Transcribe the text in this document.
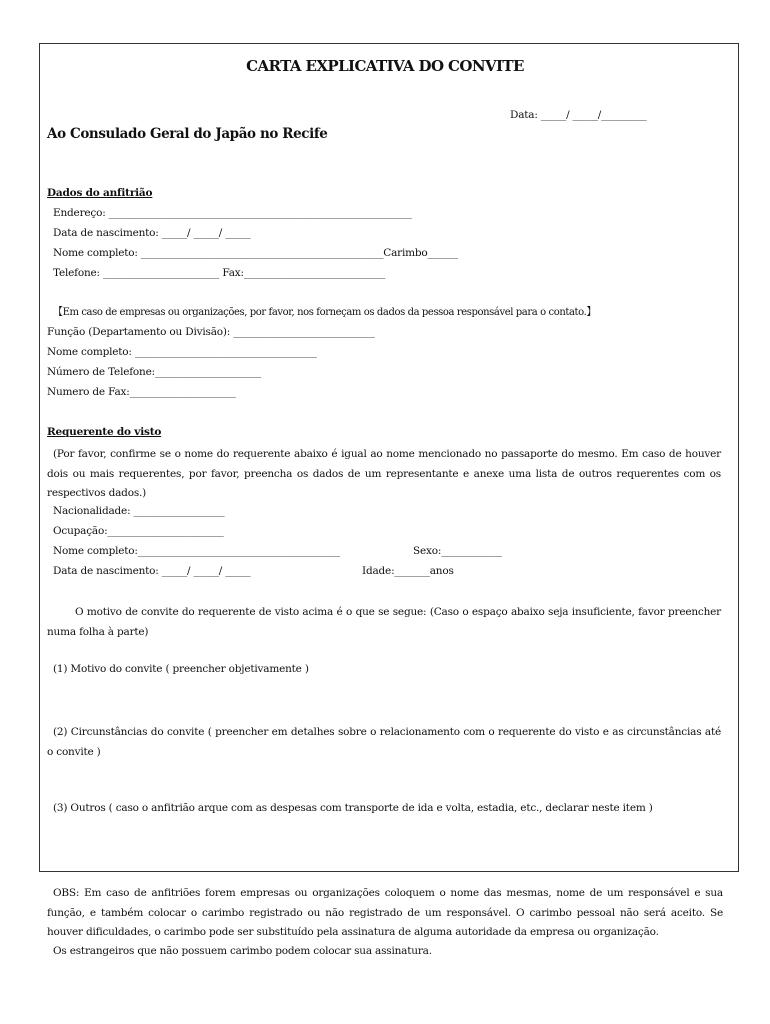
CARTA EXPLICATIVA DO CONVITE
Data: _____/ _____/_________
Ao Consulado Geral do Japão no Recife
Dados do anfitrião
Endereço: ____________________________________________________________
Data de nascimento: _____/ _____/ _____
Nome completo: ________________________________________________Carimbo______
Telefone: _______________________ Fax:____________________________
【Em caso de empresas ou organizações, por favor, nos forneçam os dados da pessoa responsável para o contato.】
Função (Departamento ou Divisão): ____________________________
Nome completo: ____________________________________
Número de Telefone:_____________________
Numero de Fax:_____________________
Requerente do visto
(Por favor, confirme se o nome do requerente abaixo é igual ao nome mencionado no passaporte do mesmo. Em caso de houver dois ou mais requerentes, por favor, preencha os dados de um representante e anexe uma lista de outros requerentes com os respectivos dados.)
Nacionalidade: __________________
Ocupação:_______________________
Nome completo:________________________________________	Sexo:____________
Data de nascimento: _____/ _____/ _____	Idade:_______anos
O motivo de convite do requerente de visto acima é o que se segue: (Caso o espaço abaixo seja insuficiente, favor preencher numa folha à parte)
(1) Motivo do convite ( preencher objetivamente )
(2) Circunstâncias do convite ( preencher em detalhes sobre o relacionamento com o requerente do visto e as circunstâncias até o convite )
(3) Outros ( caso o anfitrião arque com as despesas com transporte de ida e volta, estadia, etc., declarar neste item )
OBS: Em caso de anfitriões forem empresas ou organizações coloquem o nome das mesmas, nome de um responsável e sua função, e também colocar o carimbo registrado ou não registrado de um responsável. O carimbo pessoal não será aceito. Se houver dificuldades, o carimbo pode ser substituído pela assinatura de alguma autoridade da empresa ou organização.
Os estrangeiros que não possuem carimbo podem colocar sua assinatura.
